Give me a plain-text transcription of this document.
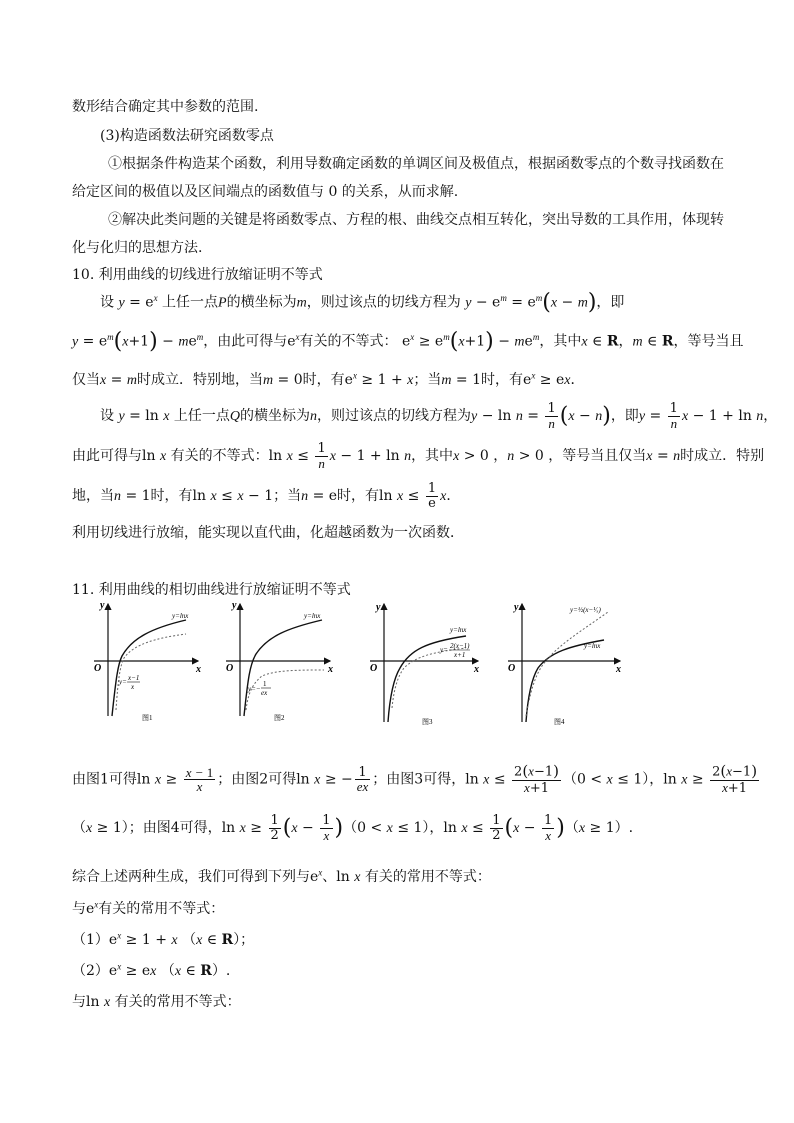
数形结合确定其中参数的范围.
(3)构造函数法研究函数零点
①根据条件构造某个函数，利用导数确定函数的单调区间及极值点，根据函数零点的个数寻找函数在
给定区间的极值以及区间端点的函数值与 0 的关系，从而求解.
②解决此类问题的关键是将函数零点、方程的根、曲线交点相互转化，突出导数的工具作用，体现转
化与化归的思想方法.
10. 利用曲线的切线进行放缩证明不等式
设 $y = e^x$ 上任一点P的横坐标为m，则过该点的切线方程为 $y - e^m = e^m(x - m)$，即
$y = e^m(x+1) - me^m$，由此可得与$e^x$有关的不等式： $e^x \ge e^m(x+1) - me^m$，其中x ∈ R，m ∈ R，等号当且
仅当x = m时成立．特别地，当m = 0时，有$e^x \ge 1 + x$；当m = 1时，有$e^x$ ≥ ex．
设 y = ln x 上任一点Q的横坐标为n，则过该点的切线方程为$y - \ln n = \frac{1}{n} (x - n)$，即$y = \frac{1}{n}$ x − 1 + ln n，
由此可得与ln x 有关的不等式：$\ln x \le \frac{1}{n}$ x − 1 + ln n，其中x > 0 ，n > 0 ，等号当且仅当x = n时成立．特别
地，当n = 1时，有ln x ≤ x − 1；当n = e时，有$\ln x \le \frac{1}{e}$ x．
利用切线进行放缩，能实现以直代曲，化超越函数为一次函数．
11. 利用曲线的相切曲线进行放缩证明不等式
y
x
O
y=lnx
y= x−1
x
图1
y
x
O
y=lnx
y=−
1
ex
图2
y
x
O
y=lnx
y= 2(x−1)
x+1
图3
y
x
O
y=lnx
y=½(x−¹⁄ₓ)
图4
由图1可得$\ln x \ge \frac{x - 1}{x}$ ；由图2可得ln x ≥ − $\frac{1}{ex}$ ；由图3可得，$\ln x \le \frac{2(x-1)}{x+1} (0 < x \le 1)$，$\ln x \ge \frac{2(x-1)}{x+1}$
（x ≥ 1）；由图4可得，$\ln x \ge \frac{1}{2} (x - \frac{1}{x} )(0 < x \le 1)$，$\ln x \le \frac{1}{2} (x - \frac{1}{x} )(x \ge 1)$.
综合上述两种生成，我们可得到下列与$e^x$、ln x 有关的常用不等式：
与$e^x$有关的常用不等式：
$(1)e^x \ge 1 + x$ （x ∈ R）；
$(2)e^x$ ≥ ex （x ∈ R）.
与ln x 有关的常用不等式：
